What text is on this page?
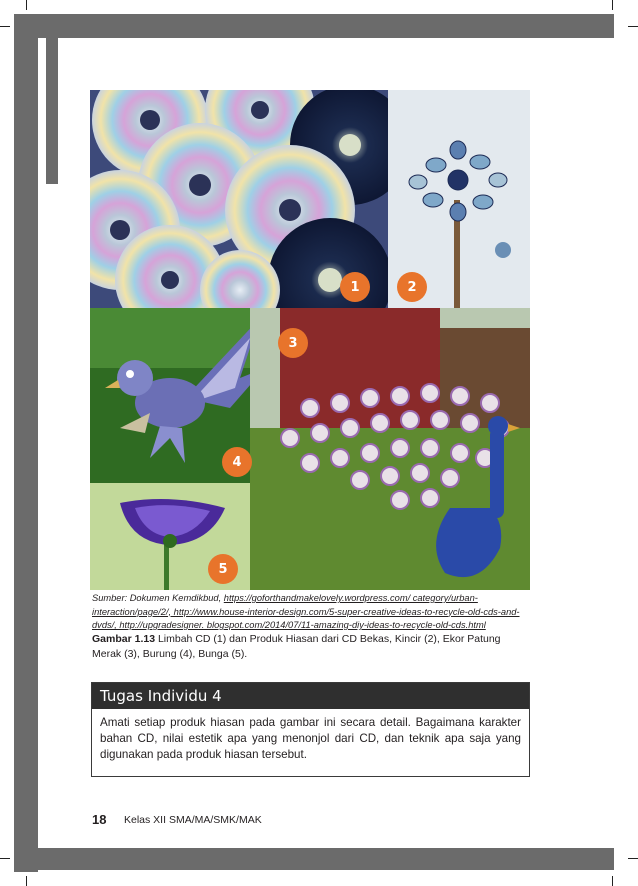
1	2
3
4
5
Sumber: Dokumen Kemdikbud, https://goforthandmakelovely.wordpress.com/ category/urban-interaction/page/2/, http://www.house-interior-design.com/5-super-creative-ideas-to-recycle-old-cds-and-dvds/, http://upgradesigner. blogspot.com/2014/07/11-amazing-diy-ideas-to-recycle-old-cds.html
Gambar 1.13 Limbah CD (1) dan Produk Hiasan dari CD Bekas, Kincir (2), Ekor Patung Merak (3), Burung (4), Bunga (5).
Tugas Individu 4
Amati setiap produk hiasan pada gambar ini secara detail. Bagaimana karakter bahan CD, nilai estetik apa yang menonjol dari CD, dan teknik apa saja yang digunakan pada produk hiasan tersebut.
18 Kelas XII SMA/MA/SMK/MAK
